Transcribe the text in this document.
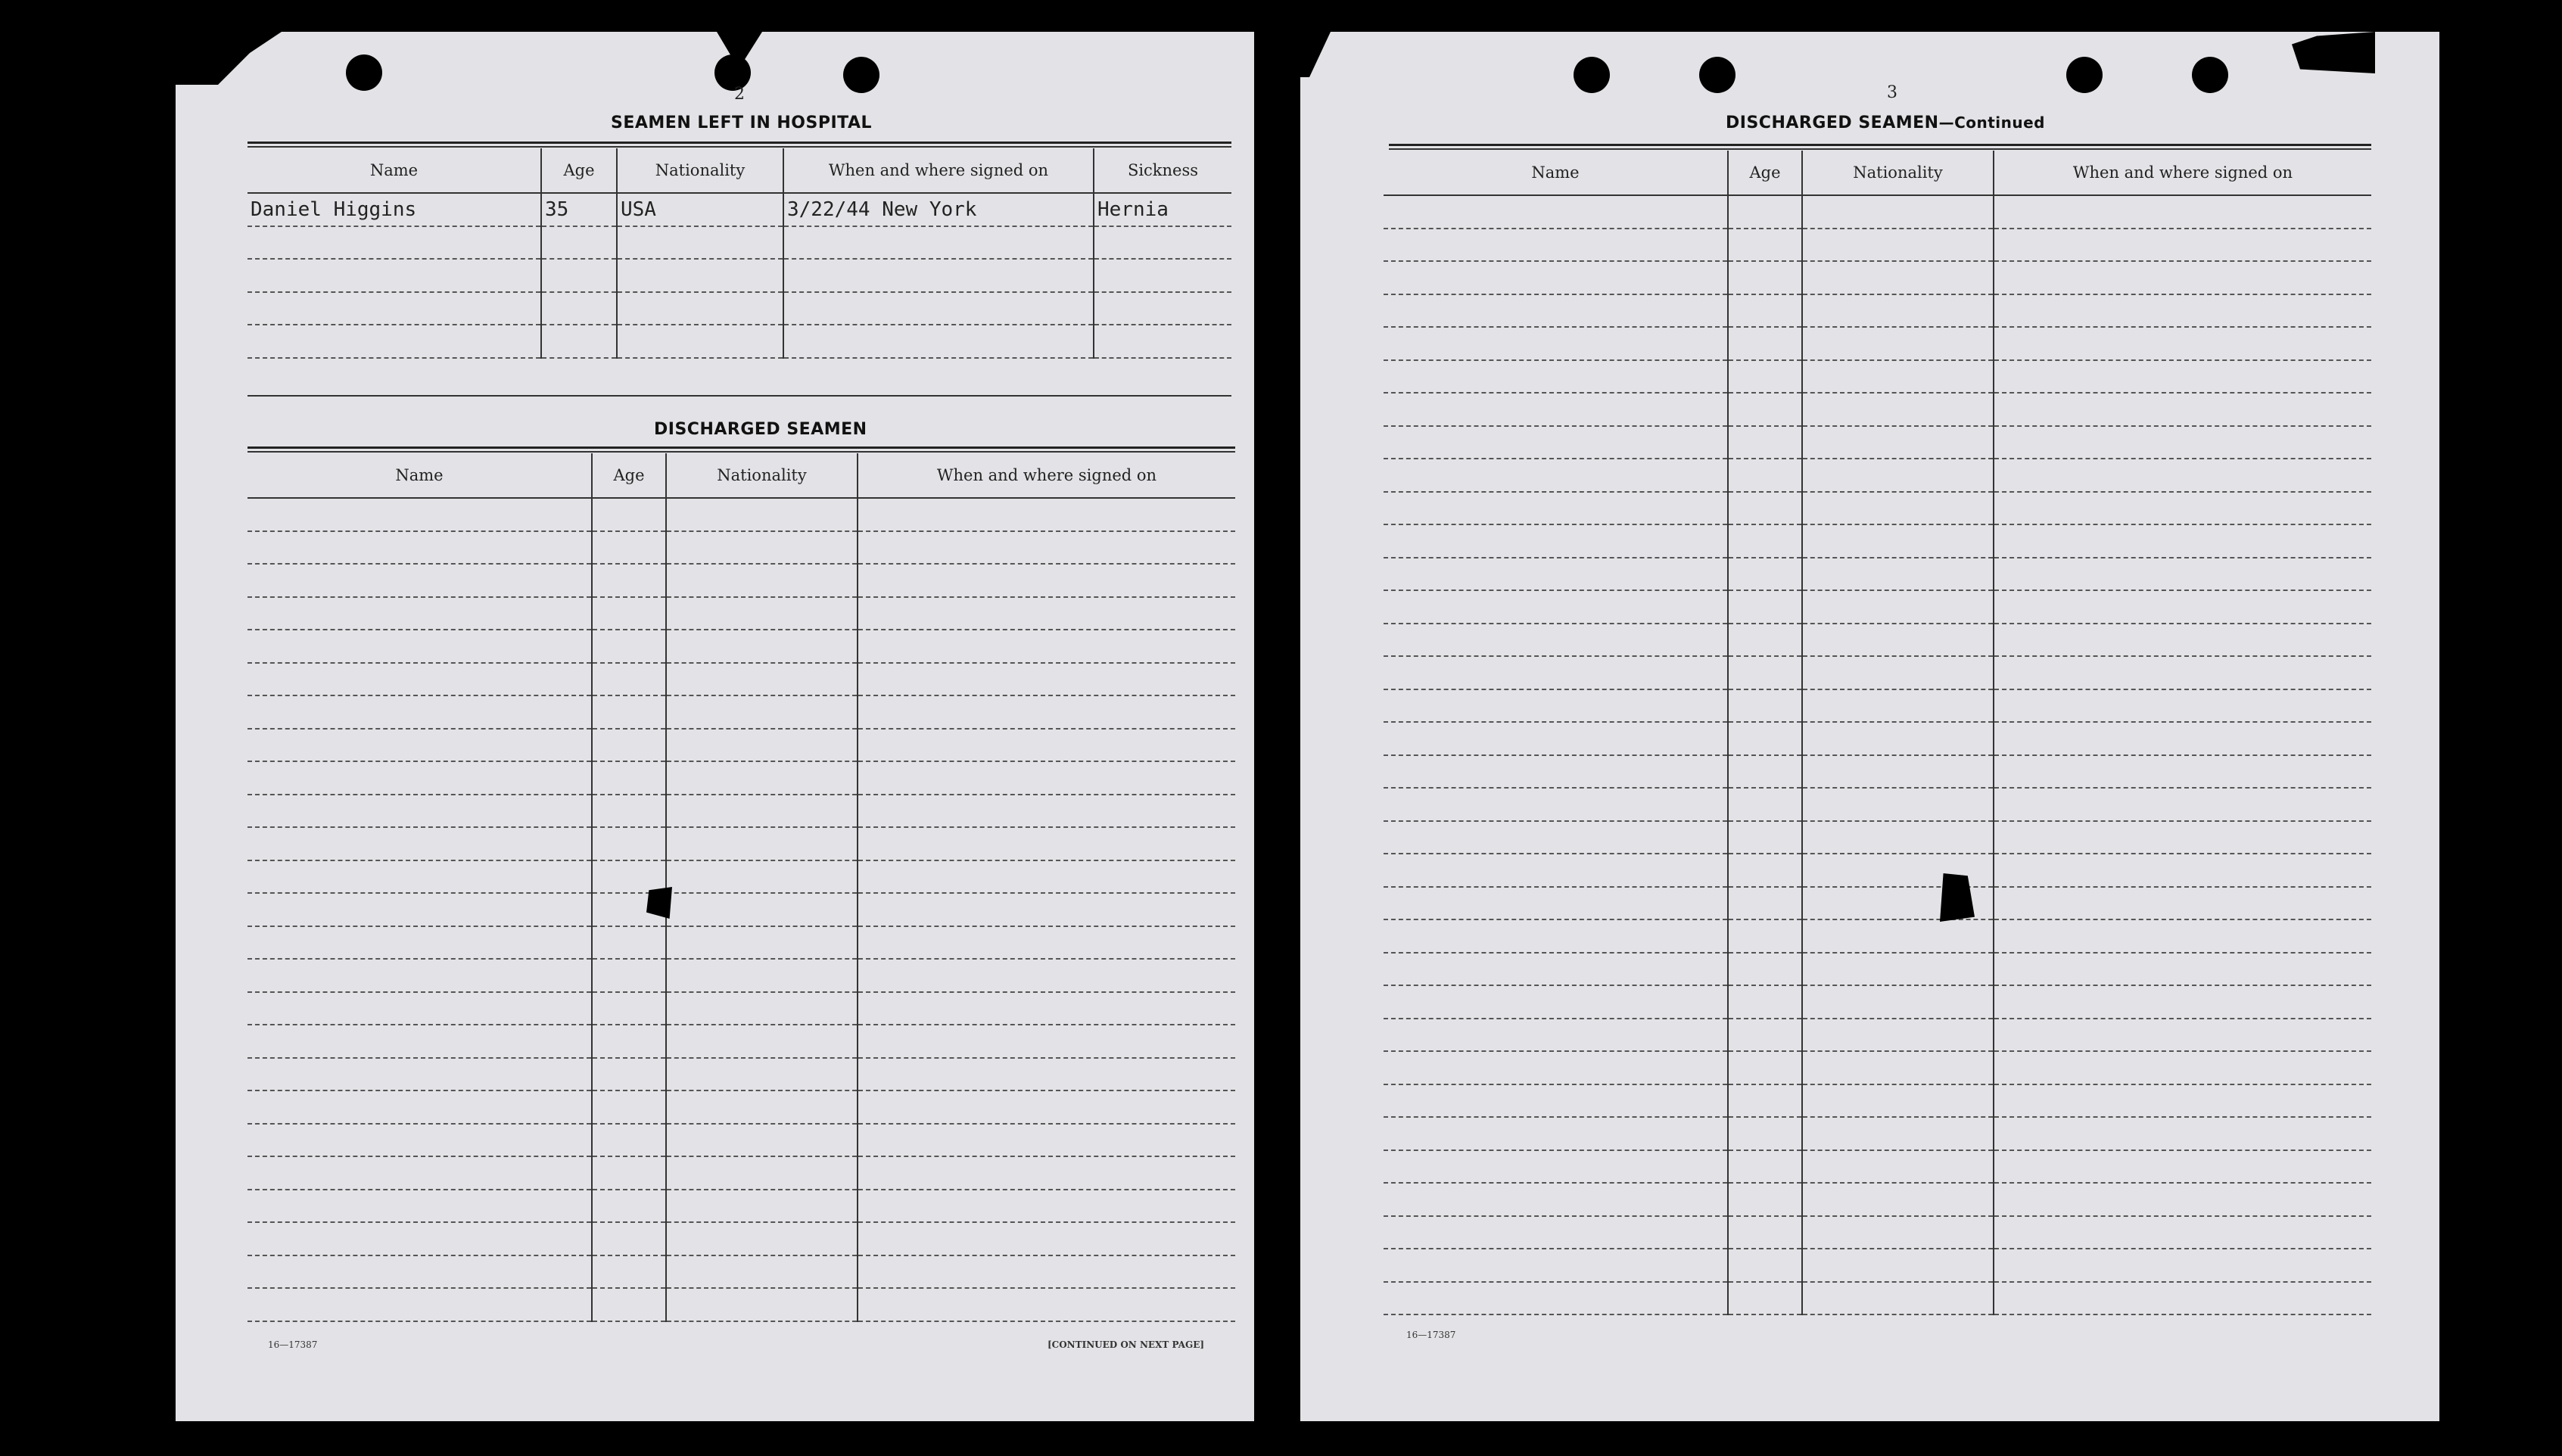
2
SEAMEN LEFT IN HOSPITAL
Name	Age	Nationality	When and where signed on	Sickness
Daniel Higgins	35	USA	3/22/44 New York	Hernia

DISCHARGED SEAMEN
Name	Age	Nationality	When and where signed on

16—17387	[CONTINUED ON NEXT PAGE]
3
DISCHARGED SEAMEN—Continued
Name	Age	Nationality	When and where signed on

16—17387
